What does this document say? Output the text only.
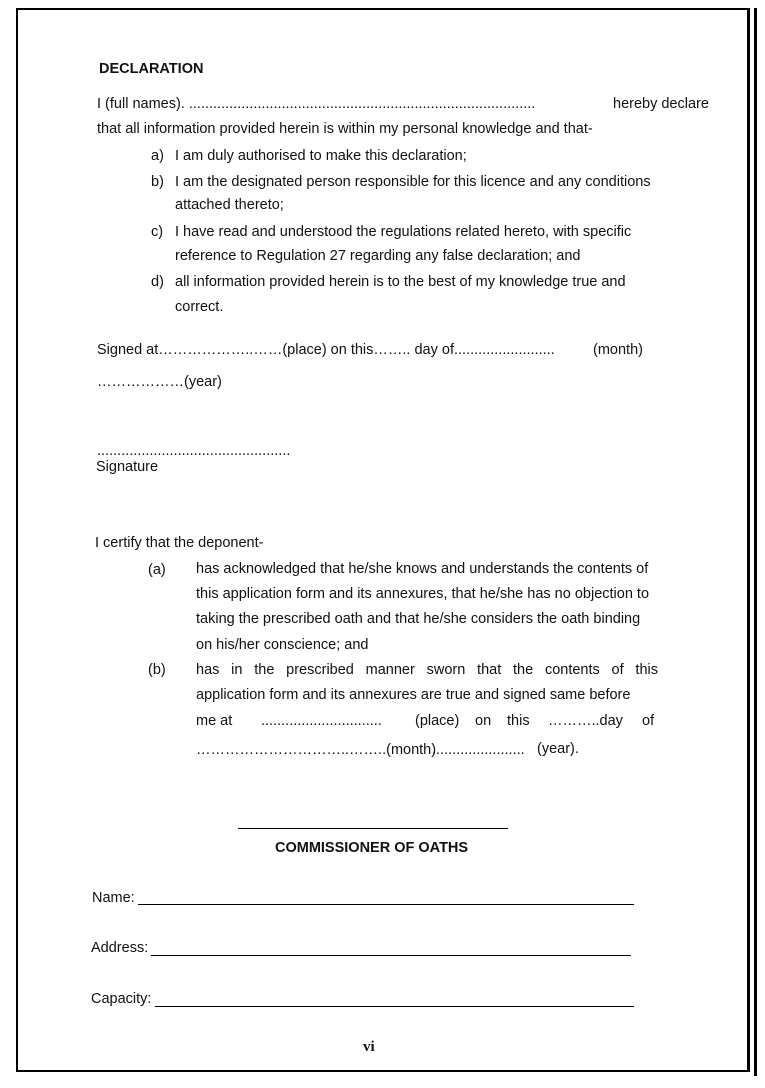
DECLARATION
I (full names). ......................................................................................	hereby declare
that all information provided herein is within my personal knowledge and that-
a) I am duly authorised to make this declaration;
b) I am the designated person responsible for this licence and any conditions
attached thereto;
c) I have read and understood the regulations related hereto, with specific
reference to Regulation 27 regarding any false declaration; and
d) all information provided herein is to the best of my knowledge true and
correct.
Signed at………………..……(place) on this…….. day of.........................	(month)
………………(year)
................................................
Signature
I certify that the deponent-
(a) has acknowledged that he/she knows and understands the contents of
this application form and its annexures, that he/she has no objection to
taking the prescribed oath and that he/she considers the oath binding
on his/her conscience; and
(b) has in the prescribed manner sworn that the contents of this
application form and its annexures are true and signed same before
me at .............................. (place) on this ………..day of
…………………………..……..(month)
....................... (year).
COMMISSIONER OF OATHS
Name:
Address:
Capacity:
vi
